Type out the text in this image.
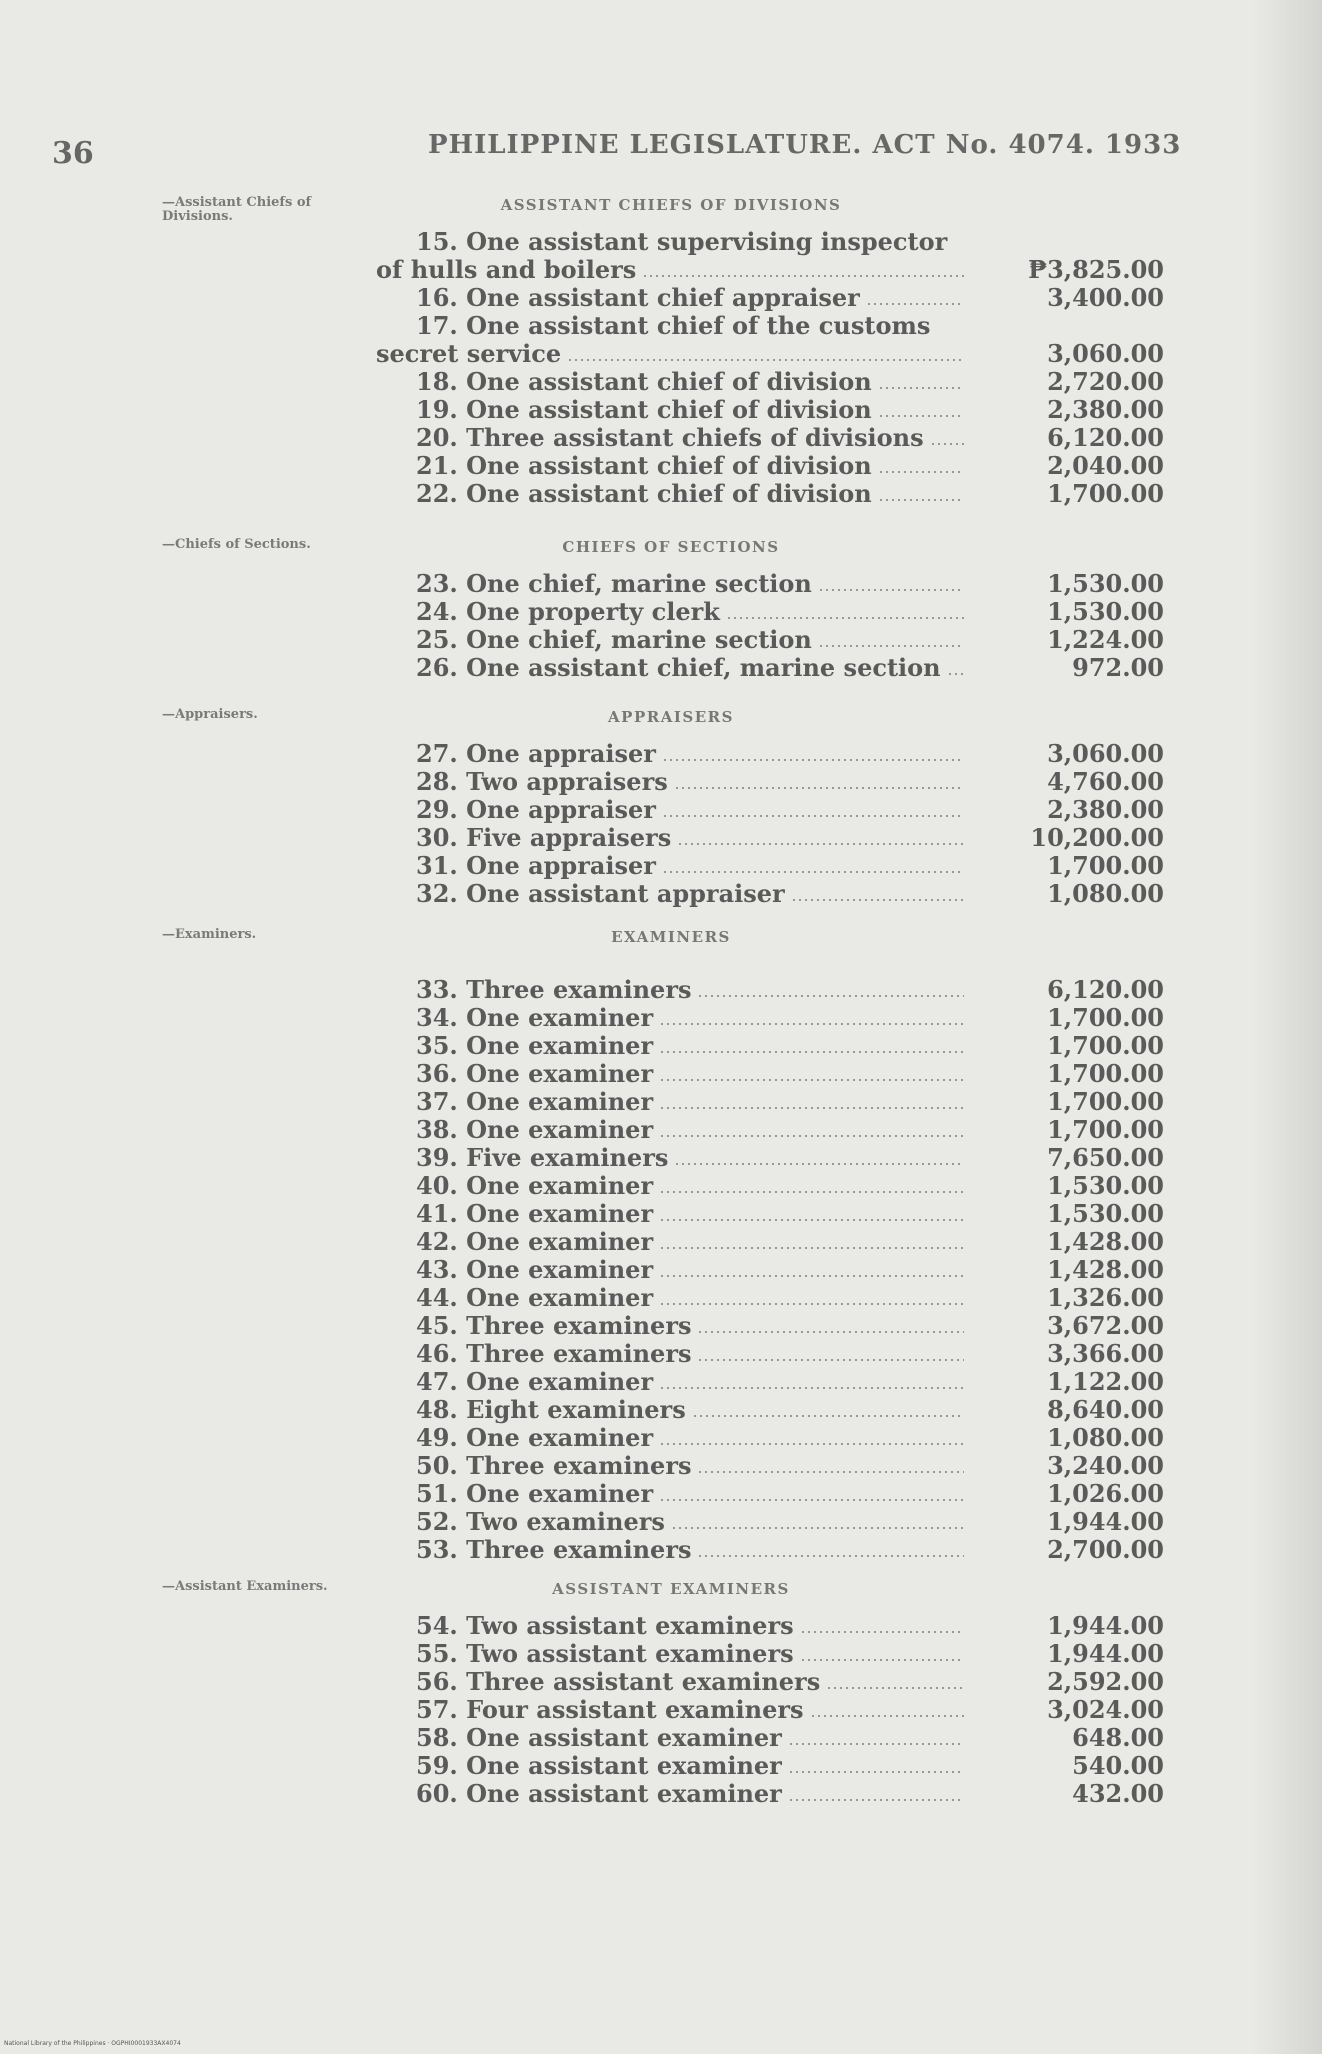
36	PHILIPPINE LEGISLATURE. ACT No. 4074. 1933
—Assistant Chiefs of Divisions.
ASSISTANT CHIEFS OF DIVISIONS
15. One assistant supervising inspector
of hulls and boilers	₱3,825.00
16. One assistant chief appraiser	3,400.00
17. One assistant chief of the customs
secret service	3,060.00
18. One assistant chief of division	2,720.00
19. One assistant chief of division	2,380.00
20. Three assistant chiefs of divisions	6,120.00
21. One assistant chief of division	2,040.00
22. One assistant chief of division	1,700.00
—Chiefs of Sections.	CHIEFS OF SECTIONS
23. One chief, marine section	1,530.00
24. One property clerk	1,530.00
25. One chief, marine section	1,224.00
26. One assistant chief, marine section	972.00
—Appraisers.	APPRAISERS
27. One appraiser	3,060.00
28. Two appraisers	4,760.00
29. One appraiser	2,380.00
30. Five appraisers	10,200.00
31. One appraiser	1,700.00
32. One assistant appraiser	1,080.00
—Examiners.	EXAMINERS
33. Three examiners	6,120.00
34. One examiner	1,700.00
35. One examiner	1,700.00
36. One examiner	1,700.00
37. One examiner	1,700.00
38. One examiner	1,700.00
39. Five examiners	7,650.00
40. One examiner	1,530.00
41. One examiner	1,530.00
42. One examiner	1,428.00
43. One examiner	1,428.00
44. One examiner	1,326.00
45. Three examiners	3,672.00
46. Three examiners	3,366.00
47. One examiner	1,122.00
48. Eight examiners	8,640.00
49. One examiner	1,080.00
50. Three examiners	3,240.00
51. One examiner	1,026.00
52. Two examiners	1,944.00
53. Three examiners	2,700.00
—Assistant Examiners.	ASSISTANT EXAMINERS
54. Two assistant examiners	1,944.00
55. Two assistant examiners	1,944.00
56. Three assistant examiners	2,592.00
57. Four assistant examiners	3,024.00
58. One assistant examiner	648.00
59. One assistant examiner	540.00
60. One assistant examiner	432.00
National Library of the Philippines · OGPHI0001933AX4074
